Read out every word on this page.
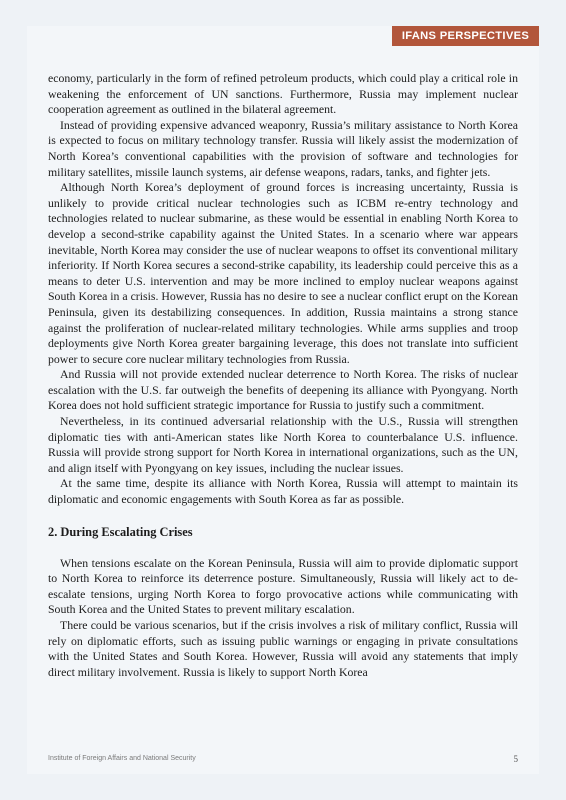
IFANS PERSPECTIVES

economy, particularly in the form of refined petroleum products, which could play a critical role in weakening the enforcement of UN sanctions. Furthermore, Russia may implement nuclear cooperation agreement as outlined in the bilateral agreement.

Instead of providing expensive advanced weaponry, Russia’s military assistance to North Korea is expected to focus on military technology transfer. Russia will likely assist the modernization of North Korea’s conventional capabilities with the provision of software and technologies for military satellites, missile launch systems, air defense weapons, radars, tanks, and fighter jets.

Although North Korea’s deployment of ground forces is increasing uncertainty, Russia is unlikely to provide critical nuclear technologies such as ICBM re-entry technology and technologies related to nuclear submarine, as these would be essential in enabling North Korea to develop a second-strike capability against the United States. In a scenario where war appears inevitable, North Korea may consider the use of nuclear weapons to offset its conventional military inferiority. If North Korea secures a second-strike capability, its leadership could perceive this as a means to deter U.S. intervention and may be more inclined to employ nuclear weapons against South Korea in a crisis. However, Russia has no desire to see a nuclear conflict erupt on the Korean Peninsula, given its destabilizing consequences. In addition, Russia maintains a strong stance against the proliferation of nuclear-related military technologies. While arms supplies and troop deployments give North Korea greater bargaining leverage, this does not translate into sufficient power to secure core nuclear military technologies from Russia.

And Russia will not provide extended nuclear deterrence to North Korea. The risks of nuclear escalation with the U.S. far outweigh the benefits of deepening its alliance with Pyongyang. North Korea does not hold sufficient strategic importance for Russia to justify such a commitment.

Nevertheless, in its continued adversarial relationship with the U.S., Russia will strengthen diplomatic ties with anti-American states like North Korea to counterbalance U.S. influence. Russia will provide strong support for North Korea in international organizations, such as the UN, and align itself with Pyongyang on key issues, including the nuclear issues.

At the same time, despite its alliance with North Korea, Russia will attempt to maintain its diplomatic and economic engagements with South Korea as far as possible.

2. During Escalating Crises

When tensions escalate on the Korean Peninsula, Russia will aim to provide diplomatic support to North Korea to reinforce its deterrence posture. Simultaneously, Russia will likely act to de-escalate tensions, urging North Korea to forgo provocative actions while communicating with South Korea and the United States to prevent military escalation.

There could be various scenarios, but if the crisis involves a risk of military conflict, Russia will rely on diplomatic efforts, such as issuing public warnings or engaging in private consultations with the United States and South Korea. However, Russia will avoid any statements that imply direct military involvement. Russia is likely to support North Korea

Institute of Foreign Affairs and National Security	5
